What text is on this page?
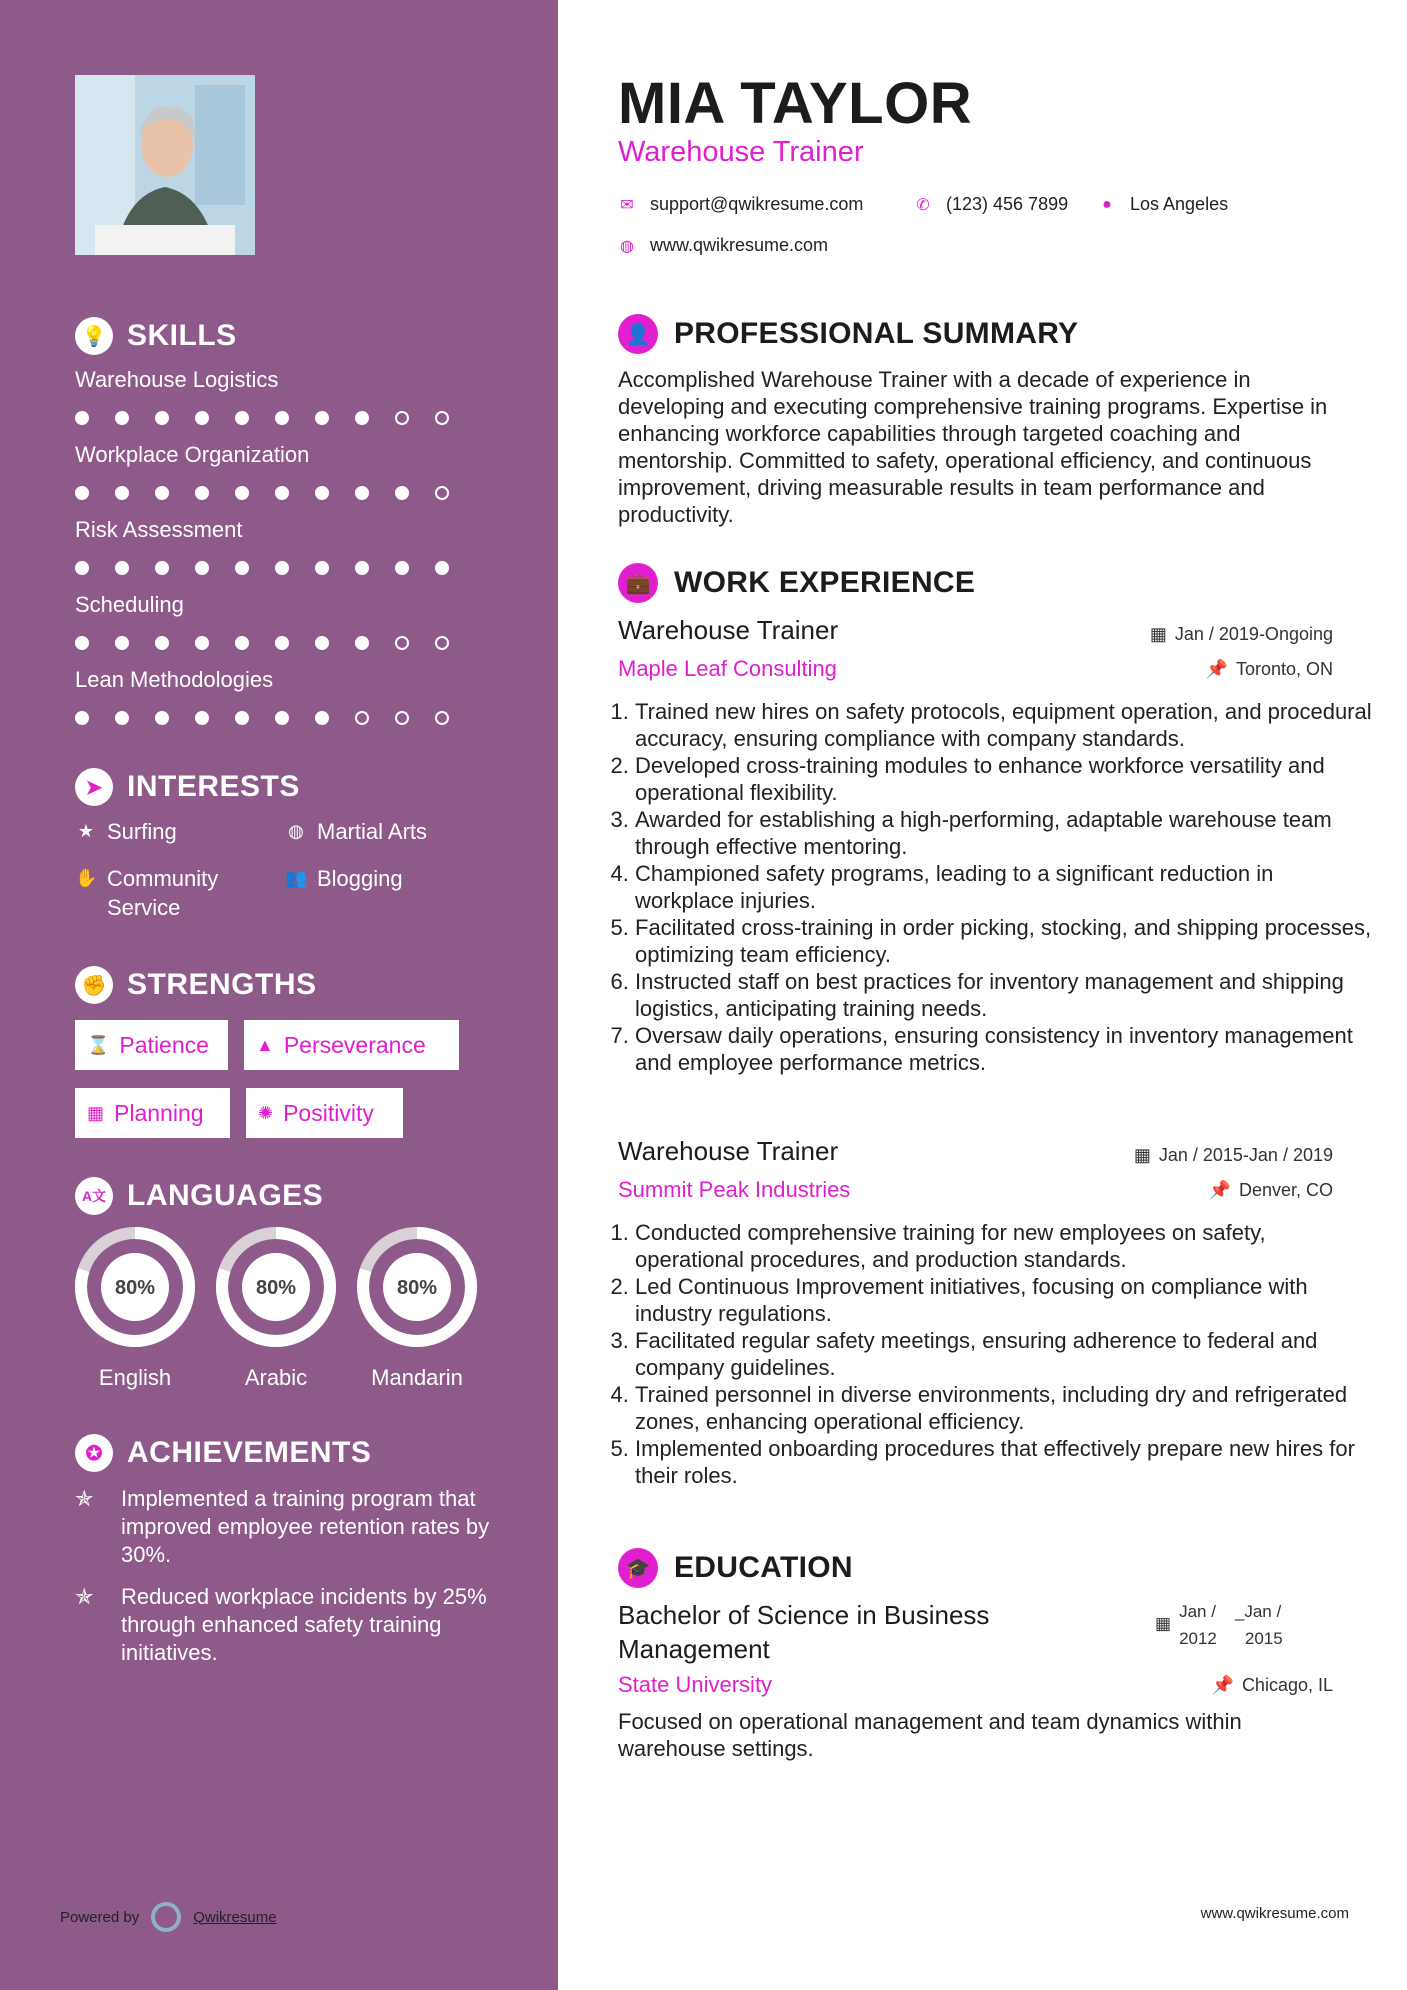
💡 SKILLS
Warehouse Logistics
Workplace Organization
Risk Assessment
Scheduling
Lean Methodologies
➤ INTERESTS
★ Surfing	◍ Martial Arts
✋ Community Service
👥 Blogging
✊ STRENGTHS
⌛ Patience	▲ Perseverance
▦ Planning	✺ Positivity
A文 LANGUAGES
80%
English
80%
Arabic
80%
Mandarin
✪ ACHIEVEMENTS
✯	Implemented a training program that improved employee retention rates by 30%.
✯	Reduced workplace incidents by 25% through enhanced safety training initiatives.
Powered by	Qwikresume
MIA TAYLOR
Warehouse Trainer
✉ support@qwikresume.com	✆ (123) 456 7899 ● Los Angeles
◍ www.qwikresume.com
👤 PROFESSIONAL SUMMARY
Accomplished Warehouse Trainer with a decade of experience in developing and executing comprehensive training programs. Expertise in enhancing workforce capabilities through targeted coaching and mentorship. Committed to safety, operational efficiency, and continuous improvement, driving measurable results in team performance and productivity.
💼 WORK EXPERIENCE
Warehouse Trainer	▦ Jan / 2019-Ongoing
Maple Leaf Consulting	📌 Toronto, ON
1. Trained new hires on safety protocols, equipment operation, and procedural accuracy, ensuring compliance with company standards.
2. Developed cross-training modules to enhance workforce versatility and operational flexibility.
3. Awarded for establishing a high-performing, adaptable warehouse team through effective mentoring.
4. Championed safety programs, leading to a significant reduction in workplace injuries.
5. Facilitated cross-training in order picking, stocking, and shipping processes, optimizing team efficiency.
6. Instructed staff on best practices for inventory management and shipping logistics, anticipating training needs.
7. Oversaw daily operations, ensuring consistency in inventory management and employee performance metrics.
Warehouse Trainer	▦ Jan / 2015-Jan / 2019
Summit Peak Industries	📌 Denver, CO
1. Conducted comprehensive training for new employees on safety, operational procedures, and production standards.
2. Led Continuous Improvement initiatives, focusing on compliance with industry regulations.
3. Facilitated regular safety meetings, ensuring adherence to federal and company guidelines.
4. Trained personnel in diverse environments, including dry and refrigerated zones, enhancing operational efficiency.
5. Implemented onboarding procedures that effectively prepare new hires for their roles.
🎓 EDUCATION
Bachelor of Science in Business Management
▦
Jan /
2012
_Jan /
2015
State University	📌 Chicago, IL
Focused on operational management and team dynamics within warehouse settings.
www.qwikresume.com
